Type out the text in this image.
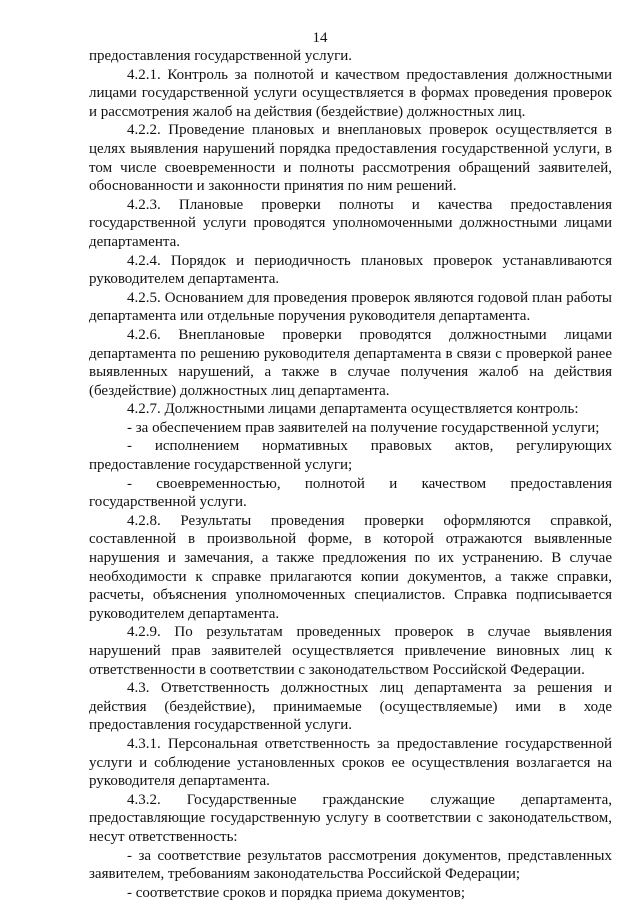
14

предоставления государственной услуги.

4.2.1. Контроль за полнотой и качеством предоставления должностными лицами государственной услуги осуществляется в формах проведения проверок и рассмотрения жалоб на действия (бездействие) должностных лиц.

4.2.2. Проведение плановых и внеплановых проверок осуществляется в целях выявления нарушений порядка предоставления государственной услуги, в том числе своевременности и полноты рассмотрения обращений заявителей, обоснованности и законности принятия по ним решений.

4.2.3. Плановые проверки полноты и качества предоставления государственной услуги проводятся уполномоченными должностными лицами департамента.

4.2.4. Порядок и периодичность плановых проверок устанавливаются руководителем департамента.

4.2.5. Основанием для проведения проверок являются годовой план работы департамента или отдельные поручения руководителя департамента.

4.2.6. Внеплановые проверки проводятся должностными лицами департамента по решению руководителя департамента в связи с проверкой ранее выявленных нарушений, а также в случае получения жалоб на действия (бездействие) должностных лиц департамента.

4.2.7. Должностными лицами департамента осуществляется контроль:

- за обеспечением прав заявителей на получение государственной услуги;

- исполнением нормативных правовых актов, регулирующих предоставление государственной услуги;

- своевременностью, полнотой и качеством предоставления государственной услуги.

4.2.8. Результаты проведения проверки оформляются справкой, составленной в произвольной форме, в которой отражаются выявленные нарушения и замечания, а также предложения по их устранению. В случае необходимости к справке прилагаются копии документов, а также справки, расчеты, объяснения уполномоченных специалистов. Справка подписывается руководителем департамента.

4.2.9. По результатам проведенных проверок в случае выявления нарушений прав заявителей осуществляется привлечение виновных лиц к ответственности в соответствии с законодательством Российской Федерации.

4.3. Ответственность должностных лиц департамента за решения и действия (бездействие), принимаемые (осуществляемые) ими в ходе предоставления государственной услуги.

4.3.1. Персональная ответственность за предоставление государственной услуги и соблюдение установленных сроков ее осуществления возлагается на руководителя департамента.

4.3.2. Государственные гражданские служащие департамента, предоставляющие государственную услугу в соответствии с законодательством, несут ответственность:

- за соответствие результатов рассмотрения документов, представленных заявителем, требованиям законодательства Российской Федерации;

- соответствие сроков и порядка приема документов;
